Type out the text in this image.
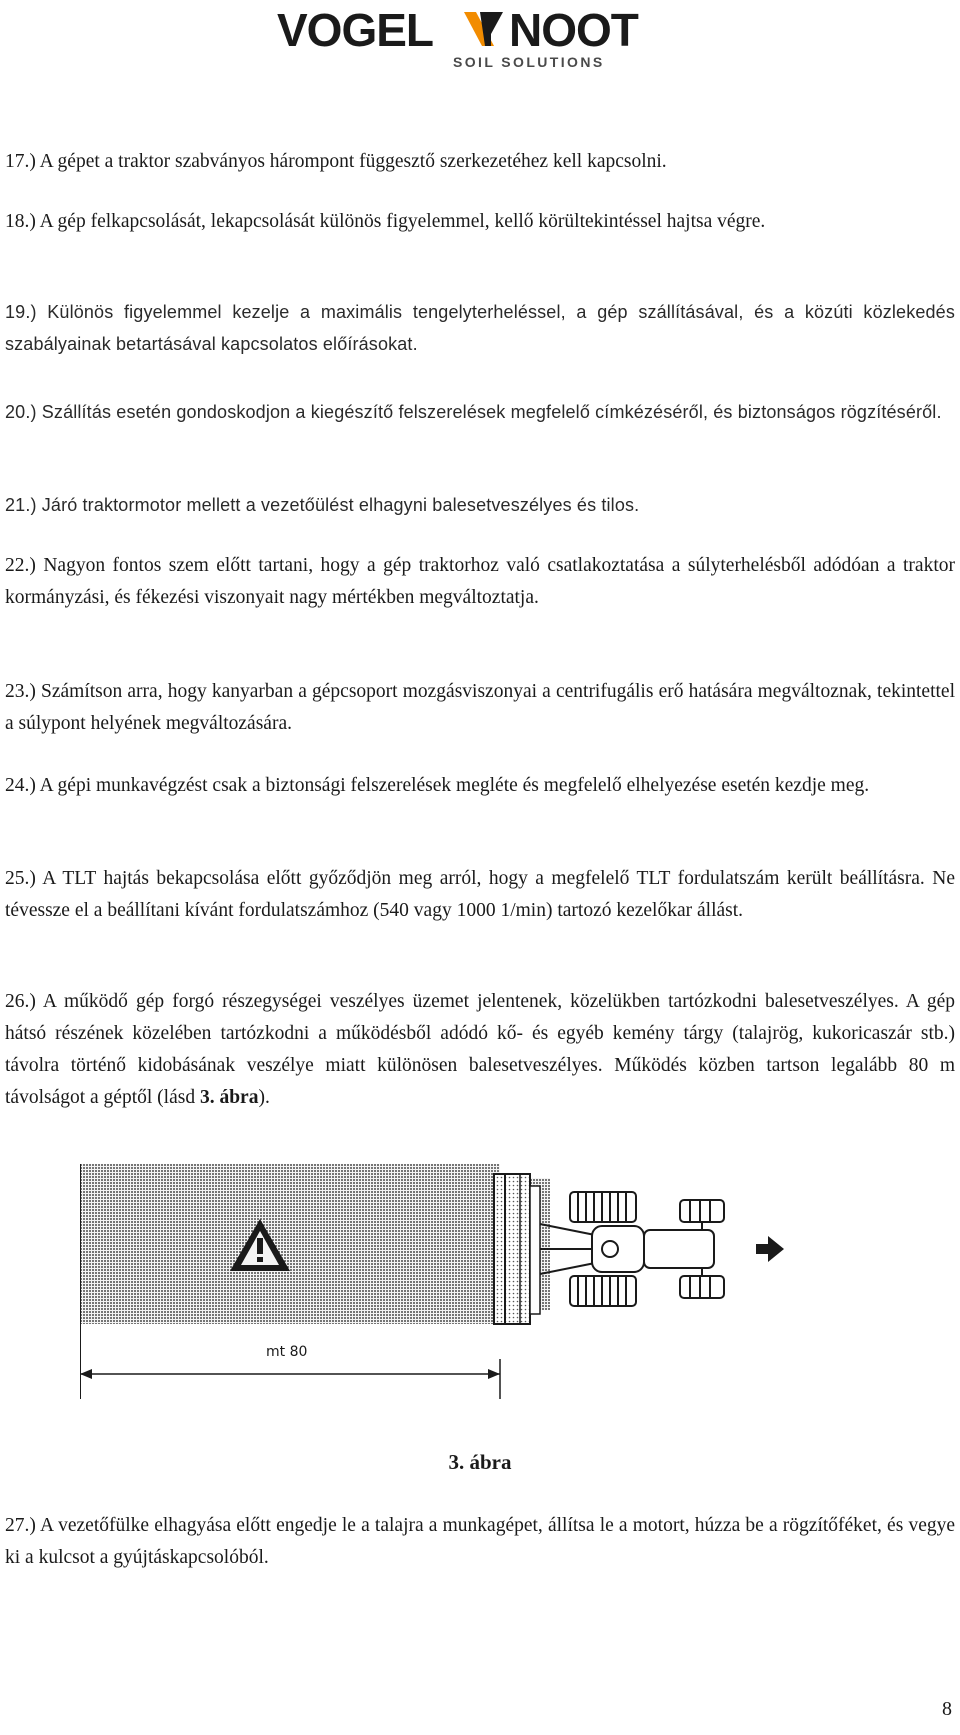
VOGEL NOOT
SOIL SOLUTIONS

17.) A gépet a traktor szabványos hárompont függesztő szerkezetéhez kell kapcsolni.

18.) A gép felkapcsolását, lekapcsolását különös figyelemmel, kellő körültekintéssel hajtsa végre.

19.) Különös figyelemmel kezelje a maximális tengelyterheléssel, a gép szállításával, és a közúti közlekedés szabályainak betartásával kapcsolatos előírásokat.

20.) Szállítás esetén gondoskodjon a kiegészítő felszerelések megfelelő címkézéséről, és biztonságos rögzítéséről.

21.) Járó traktormotor mellett a vezetőülést elhagyni balesetveszélyes és tilos.

22.) Nagyon fontos szem előtt tartani, hogy a gép traktorhoz való csatlakoztatása a súlyterhelésből adódóan a traktor kormányzási, és fékezési viszonyait nagy mértékben megváltoztatja.

23.) Számítson arra, hogy kanyarban a gépcsoport mozgásviszonyai a centrifugális erő hatására megváltoznak, tekintettel a súlypont helyének megváltozására.

24.) A gépi munkavégzést csak a biztonsági felszerelések megléte és megfelelő elhelyezése esetén kezdje meg.

25.) A TLT hajtás bekapcsolása előtt győződjön meg arról, hogy a megfelelő TLT fordulatszám került beállításra. Ne tévessze el a beállítani kívánt fordulatszámhoz (540 vagy 1000 1/min) tartozó kezelőkar állást.

26.) A működő gép forgó részegységei veszélyes üzemet jelentenek, közelükben tartózkodni balesetveszélyes. A gép hátsó részének közelében tartózkodni a működésből adódó kő- és egyéb kemény tárgy (talajrög, kukoricaszár stb.) távolra történő kidobásának veszélye miatt különösen balesetveszélyes. Működés közben tartson legalább 80 m távolságot a géptől (lásd 3. ábra).

mt 80
3. ábra

27.) A vezetőfülke elhagyása előtt engedje le a talajra a munkagépet, állítsa le a motort, húzza be a rögzítőféket, és vegye ki a kulcsot a gyújtáskapcsolóból.

8
